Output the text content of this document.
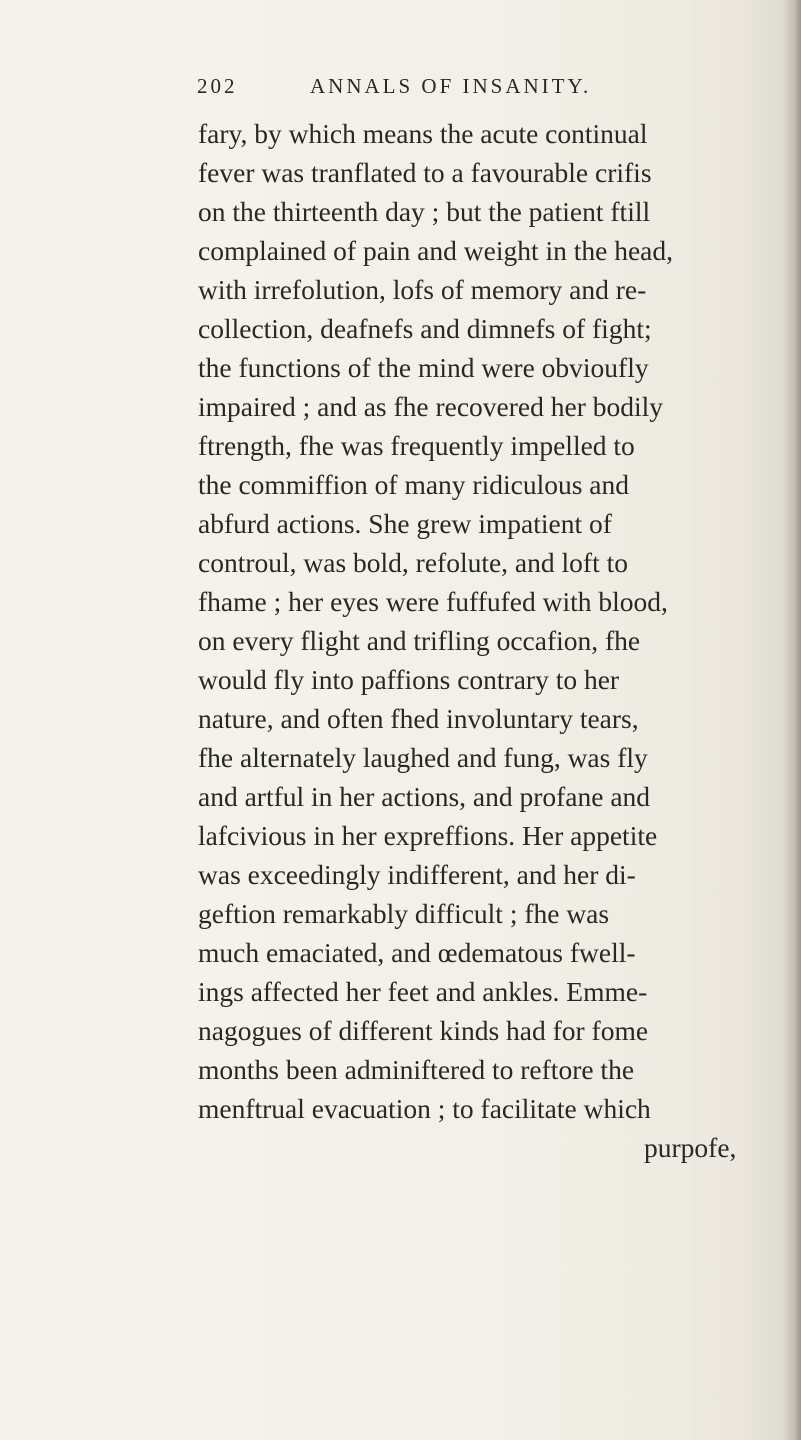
202	ANNALS OF INSANITY.
fary, by which means the acute continual
fever was tranflated to a favourable crifis
on the thirteenth day ; but the patient ftill
complained of pain and weight in the head,
with irrefolution, lofs of memory and re-
collection, deafnefs and dimnefs of fight;
the functions of the mind were obvioufly
impaired ; and as fhe recovered her bodily
ftrength, fhe was frequently impelled to
the commiffion of many ridiculous and
abfurd actions. She grew impatient of
controul, was bold, refolute, and loft to
fhame ; her eyes were fuffufed with blood,
on every flight and trifling occafion, fhe
would fly into paffions contrary to her
nature, and often fhed involuntary tears,
fhe alternately laughed and fung, was fly
and artful in her actions, and profane and
lafcivious in her expreffions. Her appetite
was exceedingly indifferent, and her di-
geftion remarkably difficult ; fhe was
much emaciated, and œdematous fwell-
ings affected her feet and ankles. Emme-
nagogues of different kinds had for fome
months been adminiftered to reftore the
menftrual evacuation ; to facilitate which
purpofe,
